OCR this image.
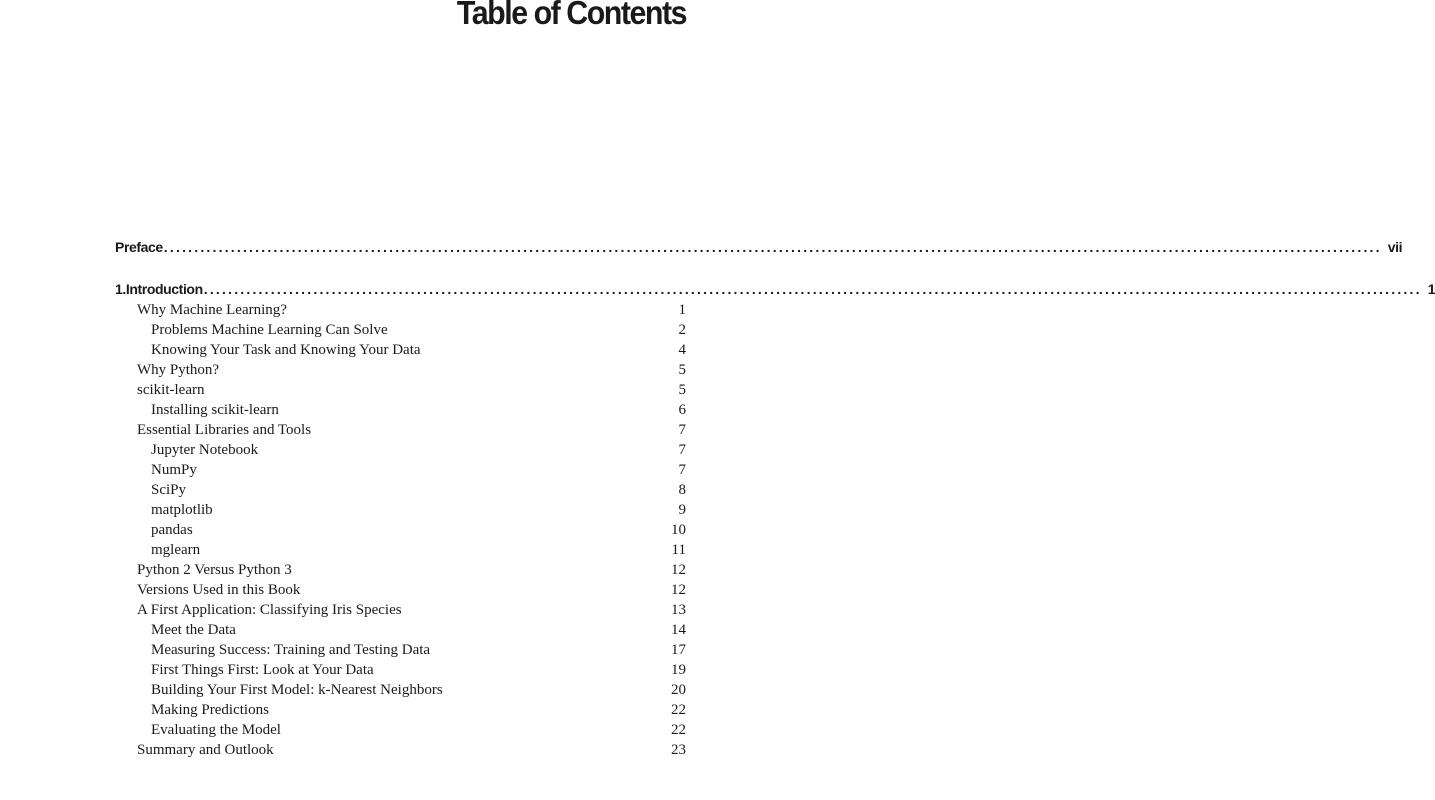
Table of Contents
Preface ........................................................................................................................................................................................................ vii
1. Introduction ........................................................................................................................................................................................................ 1
Why Machine Learning?	1
Problems Machine Learning Can Solve	2
Knowing Your Task and Knowing Your Data	4
Why Python?	5
scikit-learn	5
Installing scikit-learn	6
Essential Libraries and Tools	7
Jupyter Notebook	7
NumPy	7
SciPy	8
matplotlib	9
pandas	10
mglearn	11
Python 2 Versus Python 3	12
Versions Used in this Book	12
A First Application: Classifying Iris Species	13
Meet the Data	14
Measuring Success: Training and Testing Data	17
First Things First: Look at Your Data	19
Building Your First Model: k-Nearest Neighbors	20
Making Predictions	22
Evaluating the Model	22
Summary and Outlook	23
